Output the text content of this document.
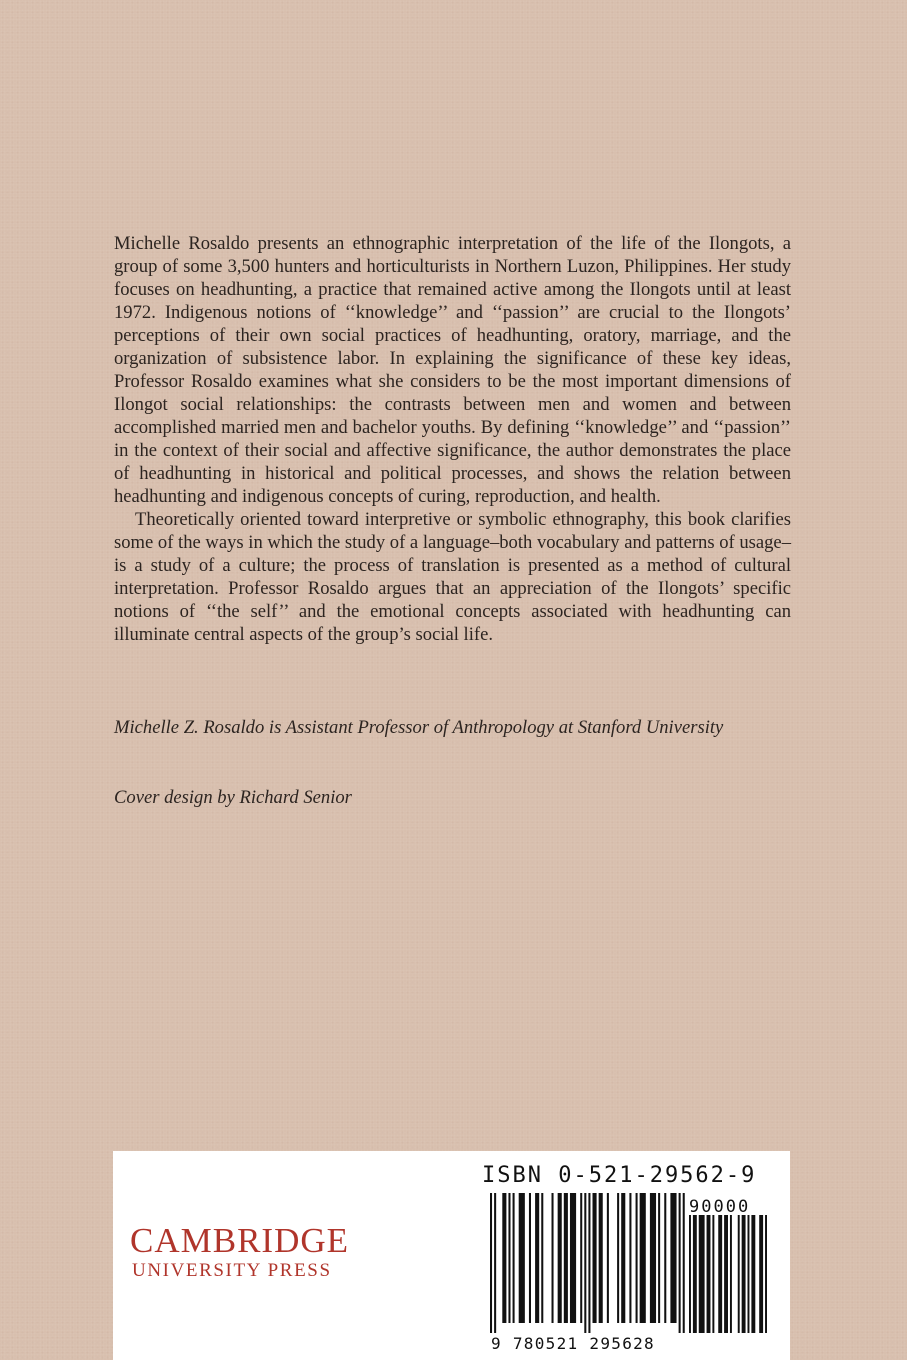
Michelle Rosaldo presents an ethnographic interpretation of the life of the Ilongots, a group of some 3,500 hunters and horticulturists in Northern Luzon, Philippines. Her study focuses on headhunting, a practice that remained active among the Ilongots until at least 1972. Indigenous notions of ‘‘knowledge’’ and ‘‘passion’’ are crucial to the Ilongots’ perceptions of their own social practices of headhunting, oratory, marriage, and the organization of subsistence labor. In explaining the significance of these key ideas, Professor Rosaldo examines what she considers to be the most important dimensions of Ilongot social relationships: the contrasts between men and women and between accomplished married men and bachelor youths. By defining ‘‘knowledge’’ and ‘‘passion’’ in the context of their social and affective significance, the author demonstrates the place of headhunting in historical and political processes, and shows the relation between headhunting and indigenous concepts of curing, reproduction, and health.

Theoretically oriented toward interpretive or symbolic ethnography, this book clarifies some of the ways in which the study of a language–both vocabulary and patterns of usage–is a study of a culture; the process of translation is presented as a method of cultural interpretation. Professor Rosaldo argues that an appreciation of the Ilongots’ specific notions of ‘‘the self’’ and the emotional concepts associated with headhunting can illuminate central aspects of the group’s social life.

Michelle Z. Rosaldo is Assistant Professor of Anthropology at Stanford University
Cover design by Richard Senior
CAMBRIDGE
UNIVERSITY PRESS
ISBN 0-521-29562-9
90000
9 780521 295628
